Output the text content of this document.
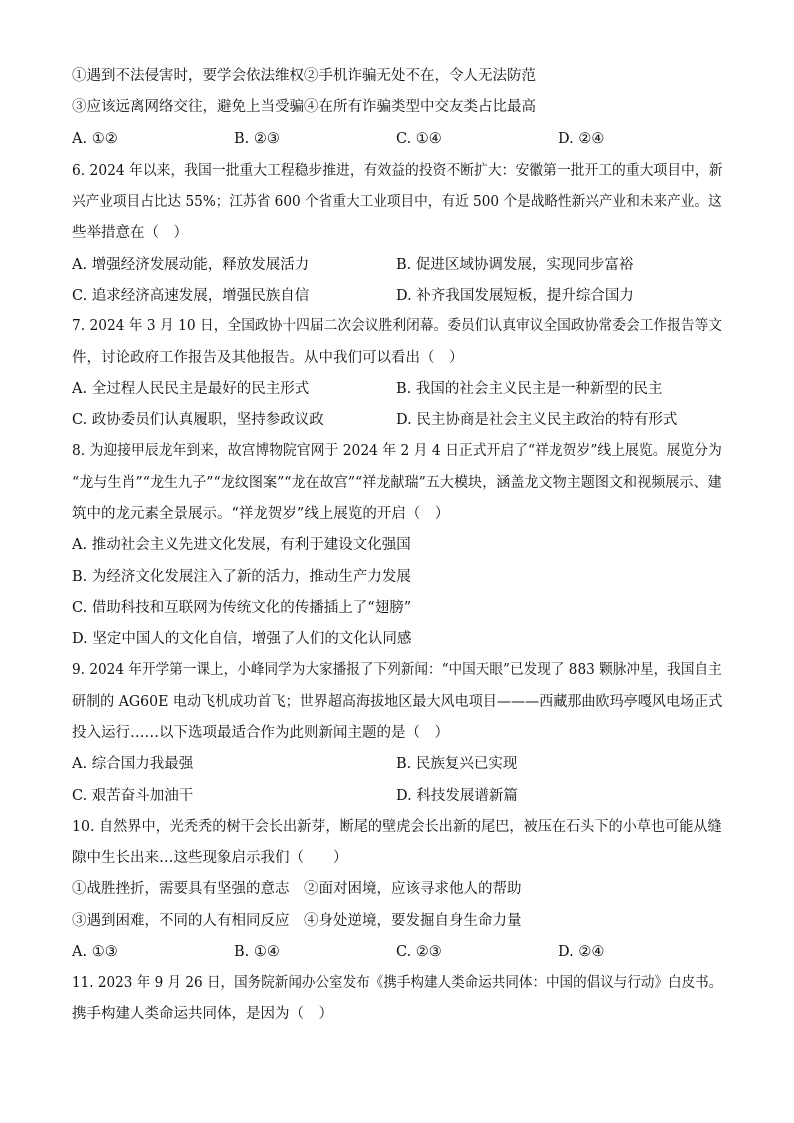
①遇到不法侵害时，要学会依法维权②手机诈骗无处不在，令人无法防范
③应该远离网络交往，避免上当受骗④在所有诈骗类型中交友类占比最高
A. ①②	B. ②③	C. ①④	D. ②④
6. 2024 年以来，我国一批重大工程稳步推进，有效益的投资不断扩大：安徽第一批开工的重大项目中，新
兴产业项目占比达 55%；江苏省 600 个省重大工业项目中，有近 500 个是战略性新兴产业和未来产业。这
些举措意在（　）
A. 增强经济发展动能，释放发展活力	B. 促进区域协调发展，实现同步富裕
C. 追求经济高速发展，增强民族自信	D. 补齐我国发展短板，提升综合国力
7. 2024 年 3 月 10 日，全国政协十四届二次会议胜利闭幕。委员们认真审议全国政协常委会工作报告等文
件，讨论政府工作报告及其他报告。从中我们可以看出（　）
A. 全过程人民民主是最好的民主形式	B. 我国的社会主义民主是一种新型的民主
C. 政协委员们认真履职，坚持参政议政	D. 民主协商是社会主义民主政治的特有形式
8. 为迎接甲辰龙年到来，故宫博物院官网于 2024 年 2 月 4 日正式开启了“祥龙贺岁”线上展览。展览分为
“龙与生肖”“龙生九子”“龙纹图案”“龙在故宫”“祥龙献瑞”五大模块，涵盖龙文物主题图文和视频展示、建
筑中的龙元素全景展示。“祥龙贺岁”线上展览的开启（　）
A. 推动社会主义先进文化发展，有利于建设文化强国
B. 为经济文化发展注入了新的活力，推动生产力发展
C. 借助科技和互联网为传统文化的传播插上了“翅膀”
D. 坚定中国人的文化自信，增强了人们的文化认同感
9. 2024 年开学第一课上，小峰同学为大家播报了下列新闻：“中国天眼”已发现了 883 颗脉冲星，我国自主
研制的 AG60E 电动飞机成功首飞；世界超高海拔地区最大风电项目———西藏那曲欧玛亭嘎风电场正式
投入运行……以下选项最适合作为此则新闻主题的是（　）
A. 综合国力我最强	B. 民族复兴已实现
C. 艰苦奋斗加油干	D. 科技发展谱新篇
10. 自然界中，光秃秃的树干会长出新芽，断尾的壁虎会长出新的尾巴，被压在石头下的小草也可能从缝
隙中生长出来…这些现象启示我们（　　）
①战胜挫折，需要具有坚强的意志　②面对困境，应该寻求他人的帮助
③遇到困难，不同的人有相同反应　④身处逆境，要发掘自身生命力量
A. ①③	B. ①④	C. ②③	D. ②④
11. 2023 年 9 月 26 日，国务院新闻办公室发布《携手构建人类命运共同体：中国的倡议与行动》白皮书。
携手构建人类命运共同体，是因为（　）
